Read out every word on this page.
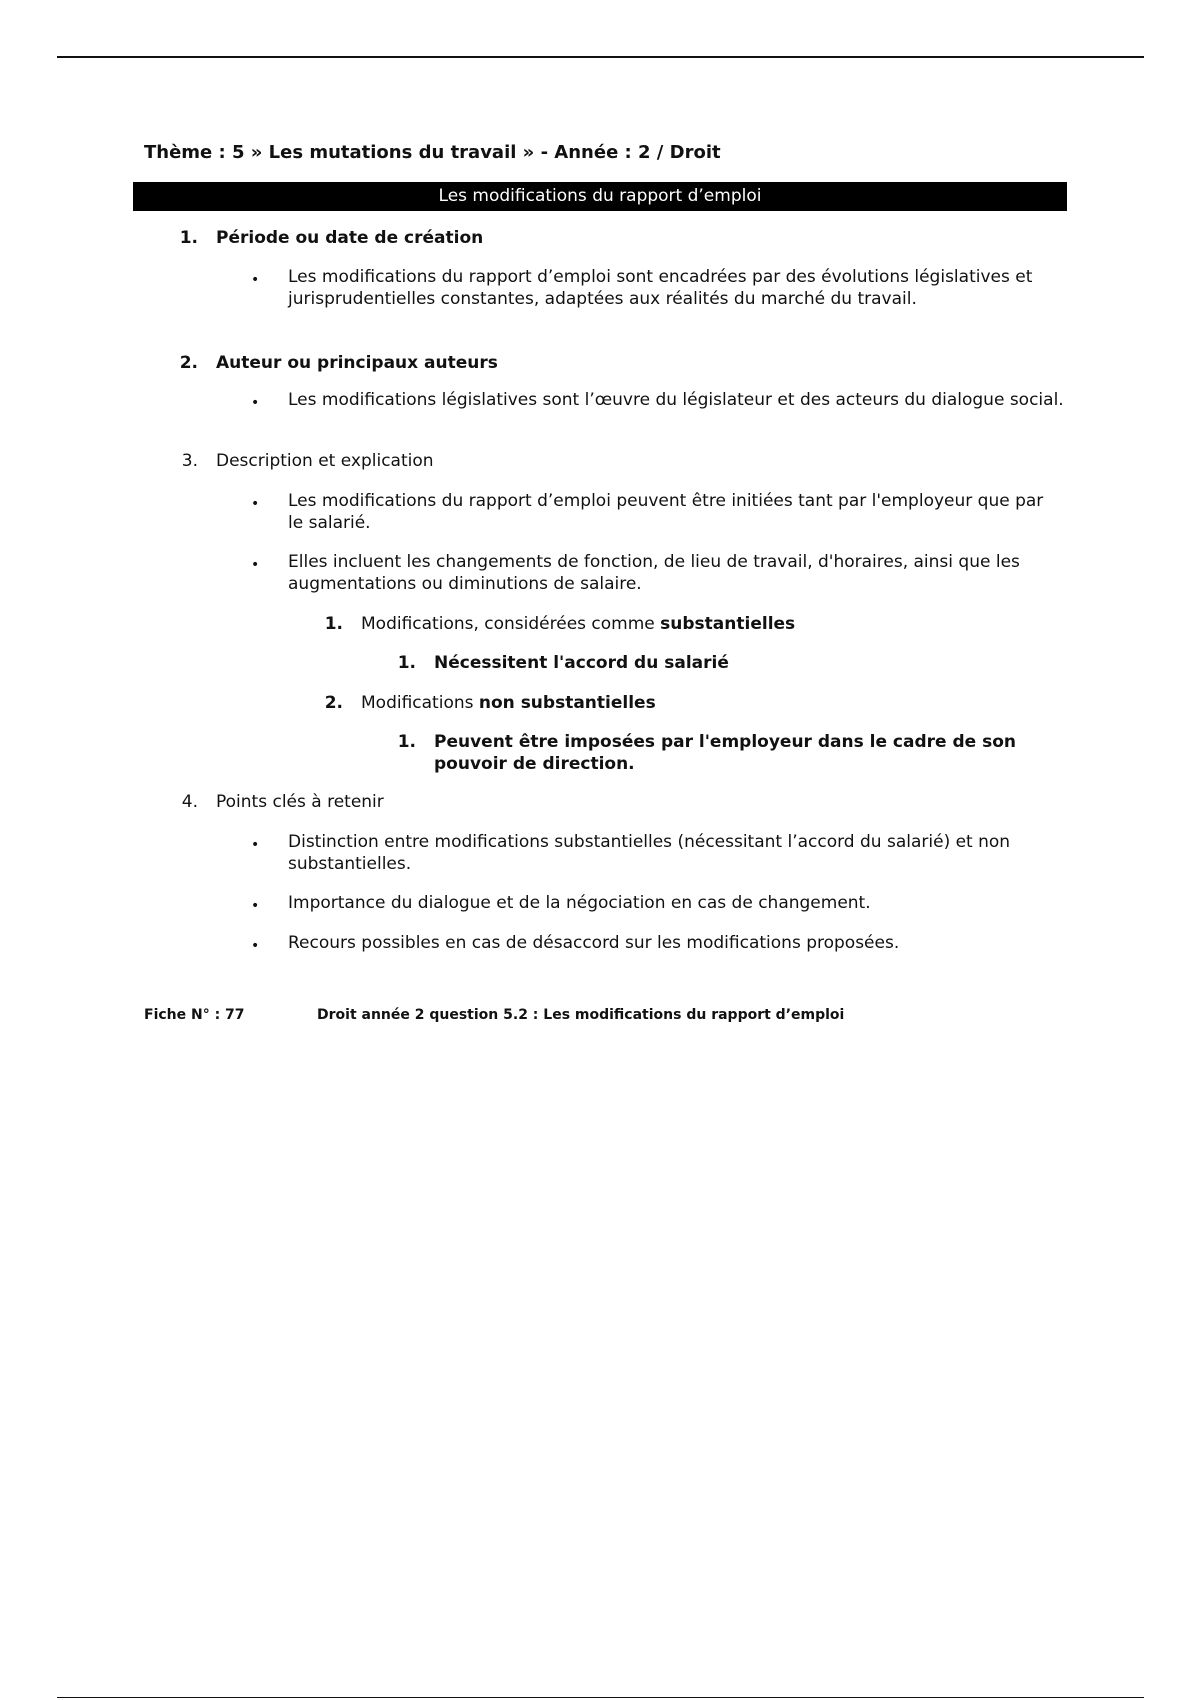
Thème : 5 » Les mutations du travail » - Année : 2 / Droit
Les modifications du rapport d’emploi
1. Période ou date de création
• Les modifications du rapport d’emploi sont encadrées par des évolutions législatives et jurisprudentielles constantes, adaptées aux réalités du marché du travail.
2. Auteur ou principaux auteurs
• Les modifications législatives sont l’œuvre du législateur et des acteurs du dialogue social.
3. Description et explication
• Les modifications du rapport d’emploi peuvent être initiées tant par l'employeur que par le salarié.
• Elles incluent les changements de fonction, de lieu de travail, d'horaires, ainsi que les augmentations ou diminutions de salaire.
1. Modifications, considérées comme substantielles
1. Nécessitent l'accord du salarié
2. Modifications non substantielles
1. Peuvent être imposées par l'employeur dans le cadre de son pouvoir de direction.
4. Points clés à retenir
• Distinction entre modifications substantielles (nécessitant l’accord du salarié) et non substantielles.
• Importance du dialogue et de la négociation en cas de changement.
• Recours possibles en cas de désaccord sur les modifications proposées.
Fiche N° : 77	Droit année 2 question 5.2 : Les modifications du rapport d’emploi
